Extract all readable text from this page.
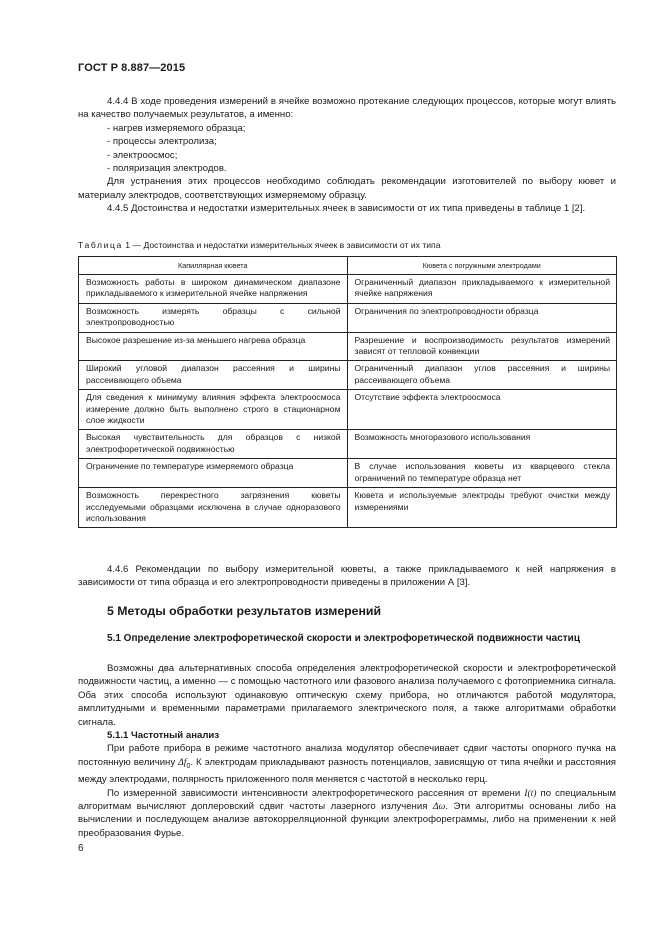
ГОСТ Р 8.887—2015

4.4.4 В ходе проведения измерений в ячейке возможно протекание следующих процессов, которые могут влиять на качество получаемых результатов, а именно:

- нагрев измеряемого образца;

- процессы электролиза;

- электроосмос;

- поляризация электродов.

Для устранения этих процессов необходимо соблюдать рекомендации изготовителей по выбору кювет и материалу электродов, соответствующих измеряемому образцу.

4.4.5 Достоинства и недостатки измерительных ячеек в зависимости от их типа приведены в таблице 1 [2].

Таблица 1 — Достоинства и недостатки измерительных ячеек в зависимости от их типа
Капиллярная кювета	Кювета с погружными электродами
Возможность работы в широком динамическом диапазоне прикладываемого к измерительной ячейке напряжения	Ограниченный диапазон прикладываемого к измерительной ячейке напряжения
Возможность измерять образцы с сильной электропроводностью	Ограничения по электропроводности образца
Высокое разрешение из-за меньшего нагрева образца	Разрешение и воспроизводимость результатов измерений зависят от тепловой конвекции
Широкий угловой диапазон рассеяния и ширины рассеивающего объема	Ограниченный диапазон углов рассеяния и ширины рассеивающего объема
Для сведения к минимуму влияния эффекта электроосмоса измерение должно быть выполнено строго в стационарном слое жидкости	Отсутствие эффекта электроосмоса
Высокая чувствительность для образцов с низкой электрофоретической подвижностью	Возможность многоразового использования
Ограничение по температуре измеряемого образца	В случае использования кюветы из кварцевого стекла ограничений по температуре образца нет
Возможность перекрестного загрязнения кюветы исследуемыми образцами исключена в случае одноразового использования	Кювета и используемые электроды требуют очистки между измерениями

4.4.6 Рекомендации по выбору измерительной кюветы, а также прикладываемого к ней напряжения в зависимости от типа образца и его электропроводности приведены в приложении А [3].

5 Методы обработки результатов измерений
5.1 Определение электрофоретической скорости и электрофоретической подвижности частиц

Возможны два альтернативных способа определения электрофоретической скорости и электрофоретической подвижности частиц, а именно — с помощью частотного или фазового анализа получаемого с фотоприемника сигнала. Оба этих способа используют одинаковую оптическую схему прибора, но отличаются работой модулятора, амплитудными и временными параметрами прилагаемого электрического поля, а также алгоритмами обработки сигнала.

5.1.1 Частотный анализ

При работе прибора в режиме частотного анализа модулятор обеспечивает сдвиг частоты опорного пучка на постоянную величину $\Delta f_0$. К электродам прикладывают разность потенциалов, зависящую от типа ячейки и расстояния между электродами, полярность приложенного поля меняется с частотой в несколько герц.

По измеренной зависимости интенсивности электрофоретического рассеяния от времени I(t) по специальным алгоритмам вычисляют доплеровский сдвиг частоты лазерного излучения Δω. Эти алгоритмы основаны либо на вычислении и последующем анализе автокорреляционной функции электрофореграммы, либо на применении к ней преобразования Фурье.

6
